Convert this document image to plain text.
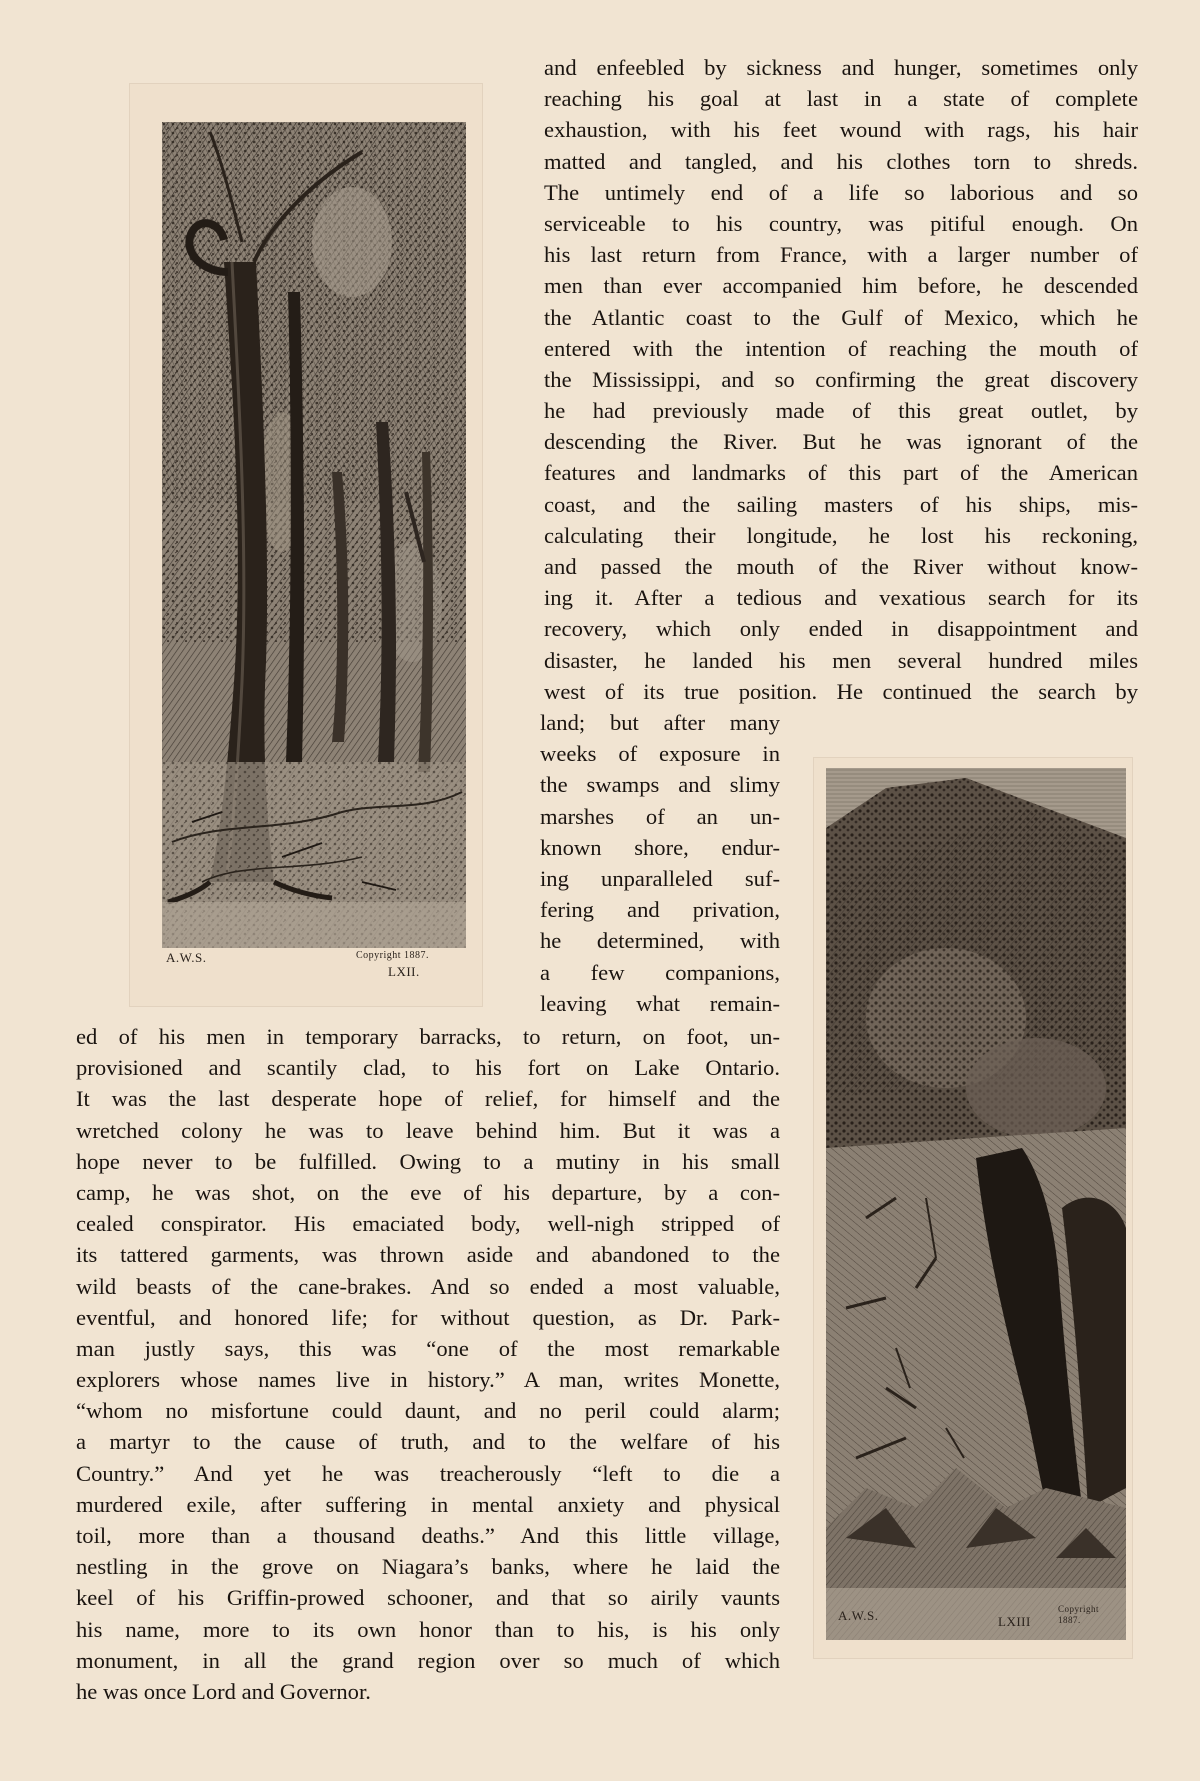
A.W.S.	Copyright 1887.
LXII.
A.W.S.	LXIII
Copyright 1887.
and enfeebled by sickness and hunger, sometimes only
reaching his goal at last in a state of complete
exhaustion, with his feet wound with rags, his hair
matted and tangled, and his clothes torn to shreds.
The untimely end of a life so laborious and so
serviceable to his country, was pitiful enough. On
his last return from France, with a larger number of
men than ever accompanied him before, he descended
the Atlantic coast to the Gulf of Mexico, which he
entered with the intention of reaching the mouth of
the Mississippi, and so confirming the great discovery
he had previously made of this great outlet, by
descending the River. But he was ignorant of the
features and landmarks of this part of the American
coast, and the sailing masters of his ships, mis-
calculating their longitude, he lost his reckoning,
and passed the mouth of the River without know-
ing it. After a tedious and vexatious search for its
recovery, which only ended in disappointment and
disaster, he landed his men several hundred miles
west of its true position. He continued the search by
land; but after many
weeks of exposure in
the swamps and slimy
marshes of an un-
known shore, endur-
ing unparalleled suf-
fering and privation,
he determined, with
a few companions,
leaving what remain-
ed of his men in temporary barracks, to return, on foot, un-
provisioned and scantily clad, to his fort on Lake Ontario.
It was the last desperate hope of relief, for himself and the
wretched colony he was to leave behind him. But it was a
hope never to be fulfilled. Owing to a mutiny in his small
camp, he was shot, on the eve of his departure, by a con-
cealed conspirator. His emaciated body, well-nigh stripped of
its tattered garments, was thrown aside and abandoned to the
wild beasts of the cane-brakes. And so ended a most valuable,
eventful, and honored life; for without question, as Dr. Park-
man justly says, this was “one of the most remarkable
explorers whose names live in history.” A man, writes Monette,
“whom no misfortune could daunt, and no peril could alarm;
a martyr to the cause of truth, and to the welfare of his
Country.” And yet he was treacherously “left to die a
murdered exile, after suffering in mental anxiety and physical
toil, more than a thousand deaths.” And this little village,
nestling in the grove on Niagara’s banks, where he laid the
keel of his Griffin-prowed schooner, and that so airily vaunts
his name, more to its own honor than to his, is his only
monument, in all the grand region over so much of which
he was once Lord and Governor.
